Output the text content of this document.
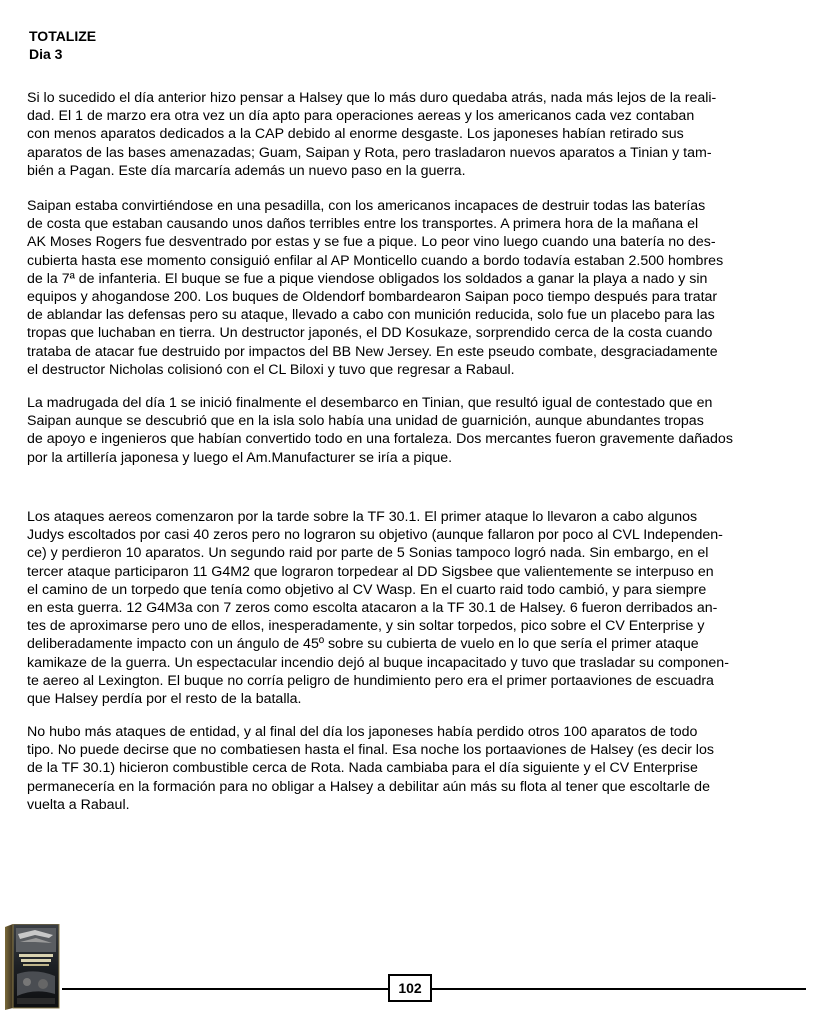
TOTALIZE
Dia 3

Si lo sucedido el día anterior hizo pensar a Halsey que lo más duro quedaba atrás, nada más lejos de la reali-
dad. El 1 de marzo era otra vez un día apto para operaciones aereas y los americanos cada vez contaban
con menos aparatos dedicados a la CAP debido al enorme desgaste. Los japoneses habían retirado sus
aparatos de las bases amenazadas; Guam, Saipan y Rota, pero trasladaron nuevos aparatos a Tinian y tam-
bién a Pagan. Este día marcaría además un nuevo paso en la guerra.

Saipan estaba convirtiéndose en una pesadilla, con los americanos incapaces de destruir todas las baterías
de costa que estaban causando unos daños terribles entre los transportes. A primera hora de la mañana el
AK Moses Rogers fue desventrado por estas y se fue a pique. Lo peor vino luego cuando una batería no des-
cubierta hasta ese momento consiguió enfilar al AP Monticello cuando a bordo todavía estaban 2.500 hombres
de la 7ª de infanteria. El buque se fue a pique viendose obligados los soldados a ganar la playa a nado y sin
equipos y ahogandose 200. Los buques de Oldendorf bombardearon Saipan poco tiempo después para tratar
de ablandar las defensas pero su ataque, llevado a cabo con munición reducida, solo fue un placebo para las
tropas que luchaban en tierra. Un destructor japonés, el DD Kosukaze, sorprendido cerca de la costa cuando
trataba de atacar fue destruido por impactos del BB New Jersey. En este pseudo combate, desgraciadamente
el destructor Nicholas colisionó con el CL Biloxi y tuvo que regresar a Rabaul.

La madrugada del día 1 se inició finalmente el desembarco en Tinian, que resultó igual de contestado que en
Saipan aunque se descubrió que en la isla solo había una unidad de guarnición, aunque abundantes tropas
de apoyo e ingenieros que habían convertido todo en una fortaleza. Dos mercantes fueron gravemente dañados
por la artillería japonesa y luego el Am.Manufacturer se iría a pique.

Los ataques aereos comenzaron por la tarde sobre la TF 30.1. El primer ataque lo llevaron a cabo algunos
Judys escoltados por casi 40 zeros pero no lograron su objetivo (aunque fallaron por poco al CVL Independen-
ce) y perdieron 10 aparatos. Un segundo raid por parte de 5 Sonias tampoco logró nada. Sin embargo, en el
tercer ataque participaron 11 G4M2 que lograron torpedear al DD Sigsbee que valientemente se interpuso en
el camino de un torpedo que tenía como objetivo al CV Wasp. En el cuarto raid todo cambió, y para siempre
en esta guerra. 12 G4M3a con 7 zeros como escolta atacaron a la TF 30.1 de Halsey. 6 fueron derribados an-
tes de aproximarse pero uno de ellos, inesperadamente, y sin soltar torpedos, pico sobre el CV Enterprise y
deliberadamente impacto con un ángulo de 45º sobre su cubierta de vuelo en lo que sería el primer ataque
kamikaze de la guerra. Un espectacular incendio dejó al buque incapacitado y tuvo que trasladar su componen-
te aereo al Lexington. El buque no corría peligro de hundimiento pero era el primer portaaviones de escuadra
que Halsey perdía por el resto de la batalla.

No hubo más ataques de entidad, y al final del día los japoneses había perdido otros 100 aparatos de todo
tipo. No puede decirse que no combatiesen hasta el final. Esa noche los portaaviones de Halsey (es decir los
de la TF 30.1) hicieron combustible cerca de Rota. Nada cambiaba para el día siguiente y el CV Enterprise
permanecería en la formación para no obligar a Halsey a debilitar aún más su flota al tener que escoltarle de
vuelta a Rabaul.

102
